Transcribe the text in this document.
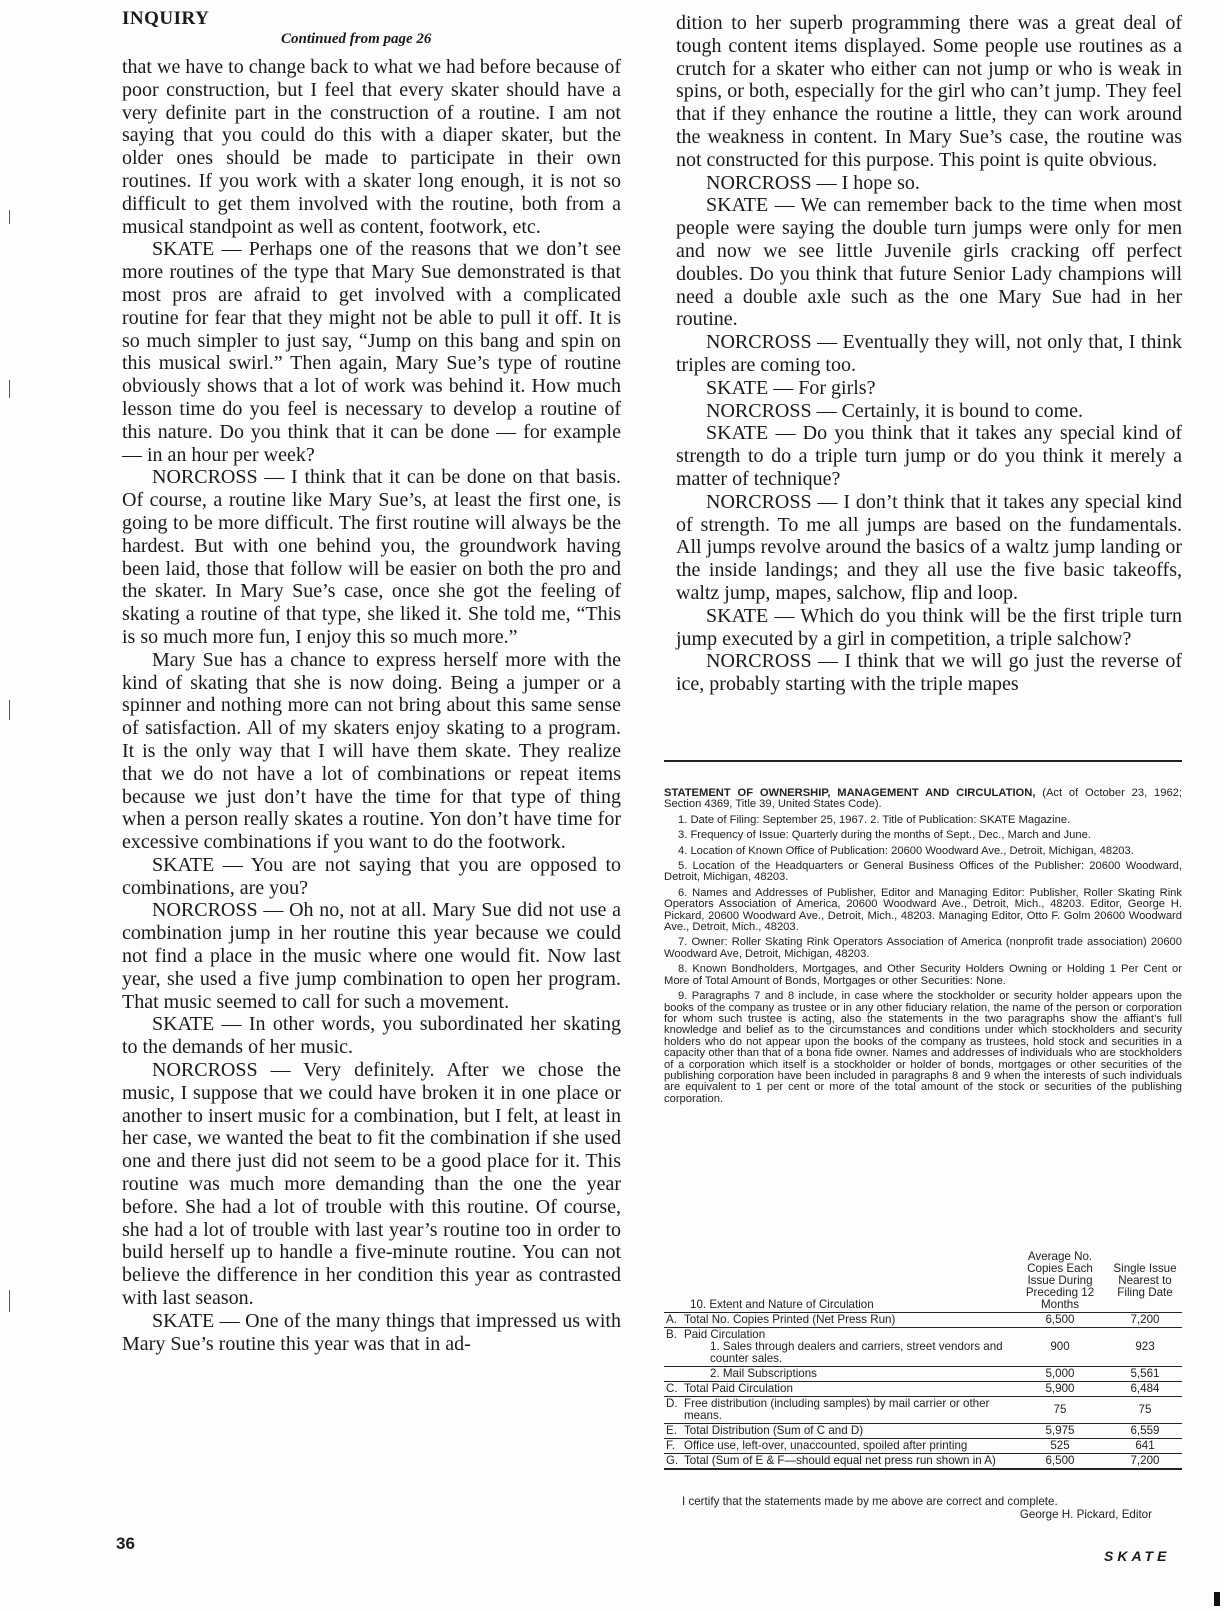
INQUIRY
Continued from page 26

that we have to change back to what we had before because of poor construction, but I feel that every skater should have a very definite part in the construction of a routine. I am not saying that you could do this with a diaper skater, but the older ones should be made to participate in their own routines. If you work with a skater long enough, it is not so difficult to get them involved with the routine, both from a musical standpoint as well as content, footwork, etc.

SKATE — Perhaps one of the reasons that we don’t see more routines of the type that Mary Sue demonstrated is that most pros are afraid to get involved with a complicated routine for fear that they might not be able to pull it off. It is so much simpler to just say, “Jump on this bang and spin on this musical swirl.” Then again, Mary Sue’s type of routine obviously shows that a lot of work was behind it. How much lesson time do you feel is necessary to develop a routine of this nature. Do you think that it can be done — for example — in an hour per week?

NORCROSS — I think that it can be done on that basis. Of course, a routine like Mary Sue’s, at least the first one, is going to be more difficult. The first routine will always be the hardest. But with one behind you, the groundwork having been laid, those that follow will be easier on both the pro and the skater. In Mary Sue’s case, once she got the feeling of skating a routine of that type, she liked it. She told me, “This is so much more fun, I enjoy this so much more.”

Mary Sue has a chance to express herself more with the kind of skating that she is now doing. Being a jumper or a spinner and nothing more can not bring about this same sense of satisfaction. All of my skaters enjoy skating to a program. It is the only way that I will have them skate. They realize that we do not have a lot of combinations or repeat items because we just don’t have the time for that type of thing when a person really skates a routine. Yon don’t have time for excessive combinations if you want to do the footwork.

SKATE — You are not saying that you are opposed to combinations, are you?

NORCROSS — Oh no, not at all. Mary Sue did not use a combination jump in her routine this year because we could not find a place in the music where one would fit. Now last year, she used a five jump combination to open her program. That music seemed to call for such a movement.

SKATE — In other words, you subordinated her skating to the demands of her music.

NORCROSS — Very definitely. After we chose the music, I suppose that we could have broken it in one place or another to insert music for a combination, but I felt, at least in her case, we wanted the beat to fit the combination if she used one and there just did not seem to be a good place for it. This routine was much more demanding than the one the year before. She had a lot of trouble with this routine. Of course, she had a lot of trouble with last year’s routine too in order to build herself up to handle a five-minute routine. You can not believe the difference in her condition this year as contrasted with last season.

SKATE — One of the many things that impressed us with Mary Sue’s routine this year was that in ad-

dition to her superb programming there was a great deal of tough content items displayed. Some people use routines as a crutch for a skater who either can not jump or who is weak in spins, or both, especially for the girl who can’t jump. They feel that if they enhance the routine a little, they can work around the weakness in content. In Mary Sue’s case, the routine was not constructed for this purpose. This point is quite obvious.

NORCROSS — I hope so.

SKATE — We can remember back to the time when most people were saying the double turn jumps were only for men and now we see little Juvenile girls cracking off perfect doubles. Do you think that future Senior Lady champions will need a double axle such as the one Mary Sue had in her routine.

NORCROSS — Eventually they will, not only that, I think triples are coming too.

SKATE — For girls?

NORCROSS — Certainly, it is bound to come.

SKATE — Do you think that it takes any special kind of strength to do a triple turn jump or do you think it merely a matter of technique?

NORCROSS — I don’t think that it takes any special kind of strength. To me all jumps are based on the fundamentals. All jumps revolve around the basics of a waltz jump landing or the inside landings; and they all use the five basic takeoffs, waltz jump, mapes, salchow, flip and loop.

SKATE — Which do you think will be the first triple turn jump executed by a girl in competition, a triple salchow?

NORCROSS — I think that we will go just the reverse of ice, probably starting with the triple mapes

STATEMENT OF OWNERSHIP, MANAGEMENT AND CIRCULATION, (Act of October 23, 1962; Section 4369, Title 39, United States Code).

1. Date of Filing: September 25, 1967. 2. Title of Publication: SKATE Magazine.

3. Frequency of Issue: Quarterly during the months of Sept., Dec., March and June.

4. Location of Known Office of Publication: 20600 Woodward Ave., Detroit, Michigan, 48203.

5. Location of the Headquarters or General Business Offices of the Publisher: 20600 Woodward, Detroit, Michigan, 48203.

6. Names and Addresses of Publisher, Editor and Managing Editor: Publisher, Roller Skating Rink Operators Association of America, 20600 Woodward Ave., Detroit, Mich., 48203. Editor, George H. Pickard, 20600 Woodward Ave., Detroit, Mich., 48203. Managing Editor, Otto F. Golm 20600 Woodward Ave., Detroit, Mich., 48203.

7. Owner: Roller Skating Rink Operators Association of America (nonprofit trade association) 20600 Woodward Ave, Detroit, Michigan, 48203.

8. Known Bondholders, Mortgages, and Other Security Holders Owning or Holding 1 Per Cent or More of Total Amount of Bonds, Mortgages or other Securities: None.

9. Paragraphs 7 and 8 include, in case where the stockholder or security holder appears upon the books of the company as trustee or in any other fiduciary relation, the name of the person or corporation for whom such trustee is acting, also the statements in the two paragraphs show the affiant’s full knowledge and belief as to the circumstances and conditions under which stockholders and security holders who do not appear upon the books of the company as trustees, hold stock and securities in a capacity other than that of a bona fide owner. Names and addresses of individuals who are stockholders of a corporation which itself is a stockholder or holder of bonds, mortgages or other securities of the publishing corporation have been included in paragraphs 8 and 9 when the interests of such individuals are equivalent to 1 per cent or more of the total amount of the stock or securities of the publishing corporation.

	10. Extent and Nature of Circulation	Average No. Copies Each Issue During Preceding 12 Months	Single Issue Nearest to Filing Date
A.	Total No. Copies Printed (Net Press Run)	6,500	7,200
B.	Paid Circulation
1. Sales through dealers and carriers, street vendors and counter sales.	900	923

	2. Mail Subscriptions	5,000	5,561
C.	Total Paid Circulation	5,900	6,484
D.	Free distribution (including samples) by mail carrier or other means.	75	75
E.	Total Distribution (Sum of C and D)	5,975	6,559
F.	Office use, left-over, unaccounted, spoiled after printing	525	641
G.	Total (Sum of E & F—should equal net press run shown in A)	6,500	7,200
I certify that the statements made by me above are correct and complete.
George H. Pickard, Editor
36
SKATE
